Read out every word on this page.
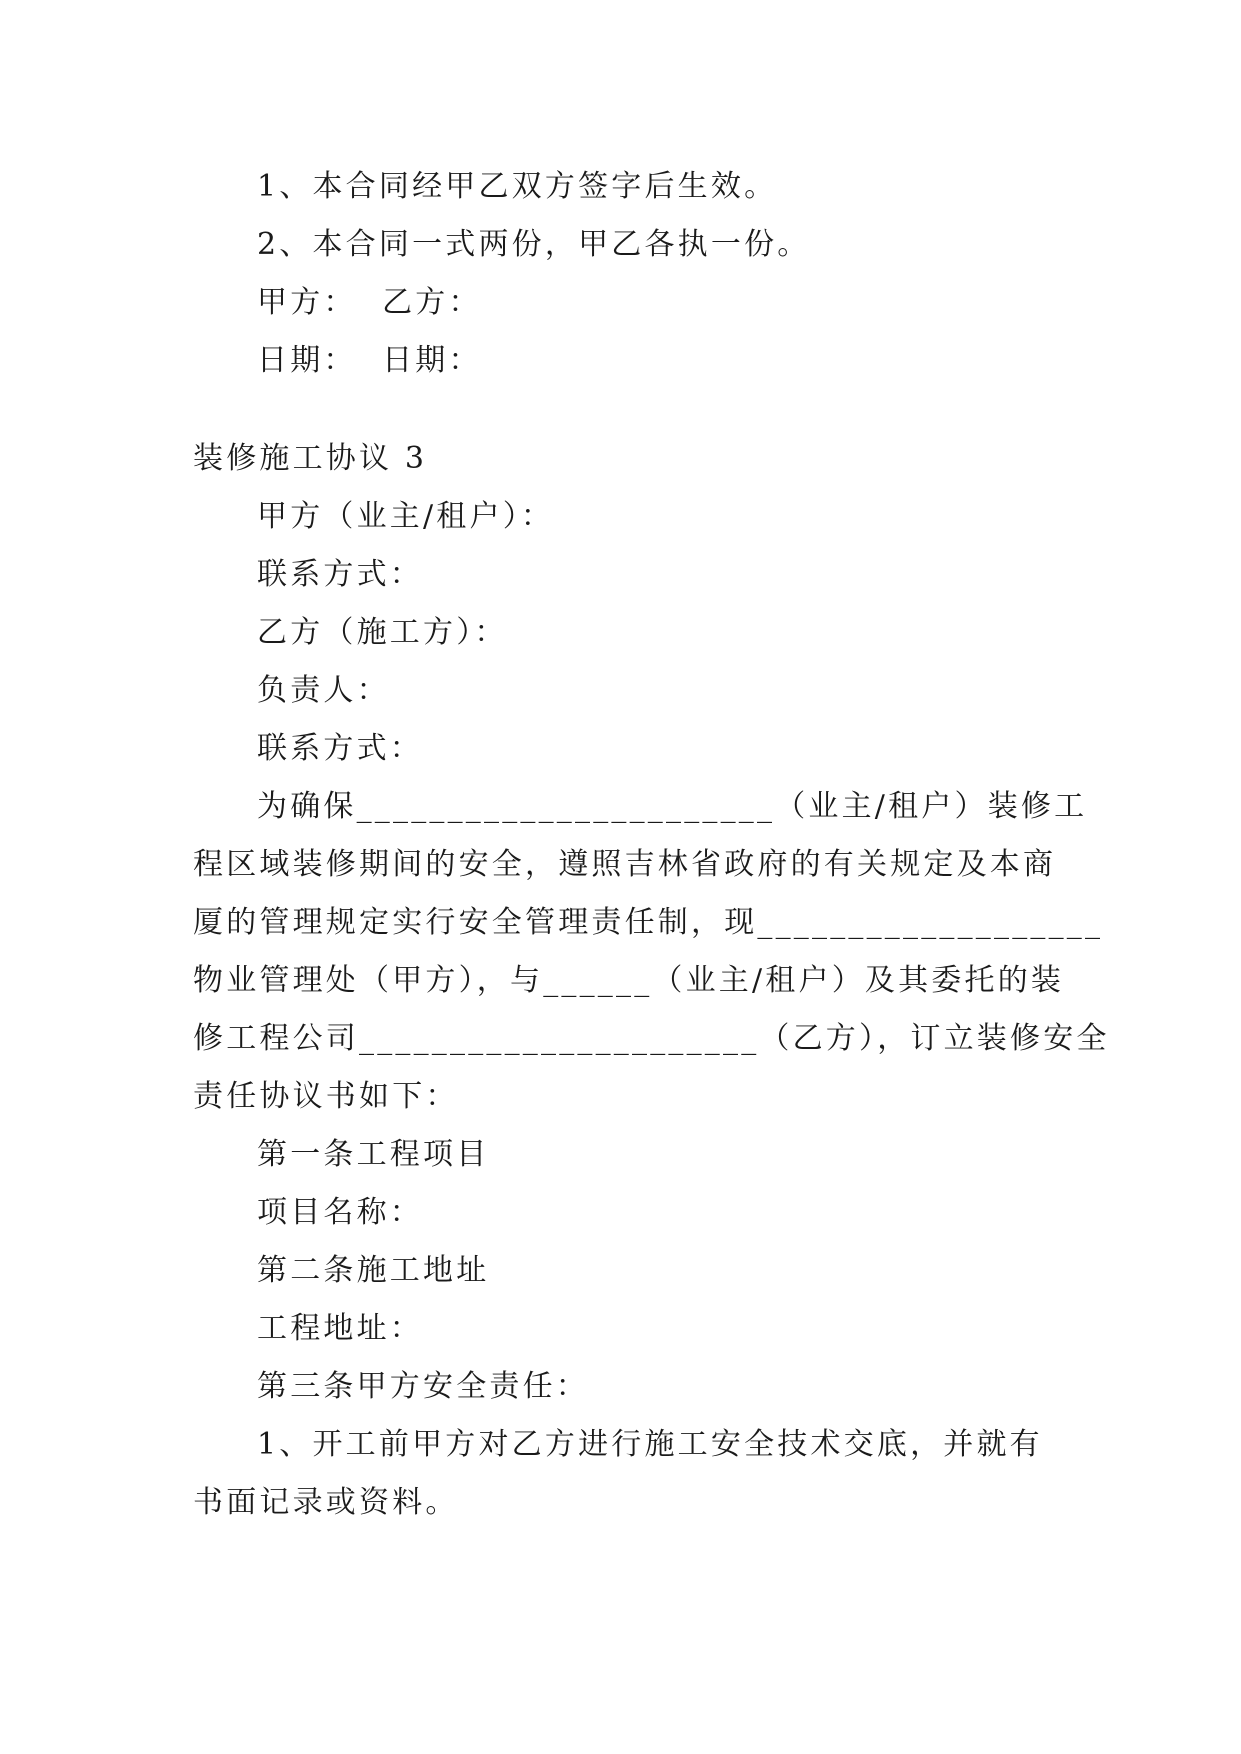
1、本合同经甲乙双方签字后生效。
2、本合同一式两份，甲乙各执一份。
甲方：  乙方：
日期：  日期：
装修施工协议 3
甲方（业主/租户）：
联系方式：
乙方（施工方）：
负责人：
联系方式：
为确保_______________________（业主/租户）装修工
程区域装修期间的安全，遵照吉林省政府的有关规定及本商
厦的管理规定实行安全管理责任制，现___________________
物业管理处（甲方），与______（业主/租户）及其委托的装
修工程公司______________________（乙方），订立装修安全
责任协议书如下：
第一条工程项目
项目名称：
第二条施工地址
工程地址：
第三条甲方安全责任：
1、开工前甲方对乙方进行施工安全技术交底，并就有
书面记录或资料。
